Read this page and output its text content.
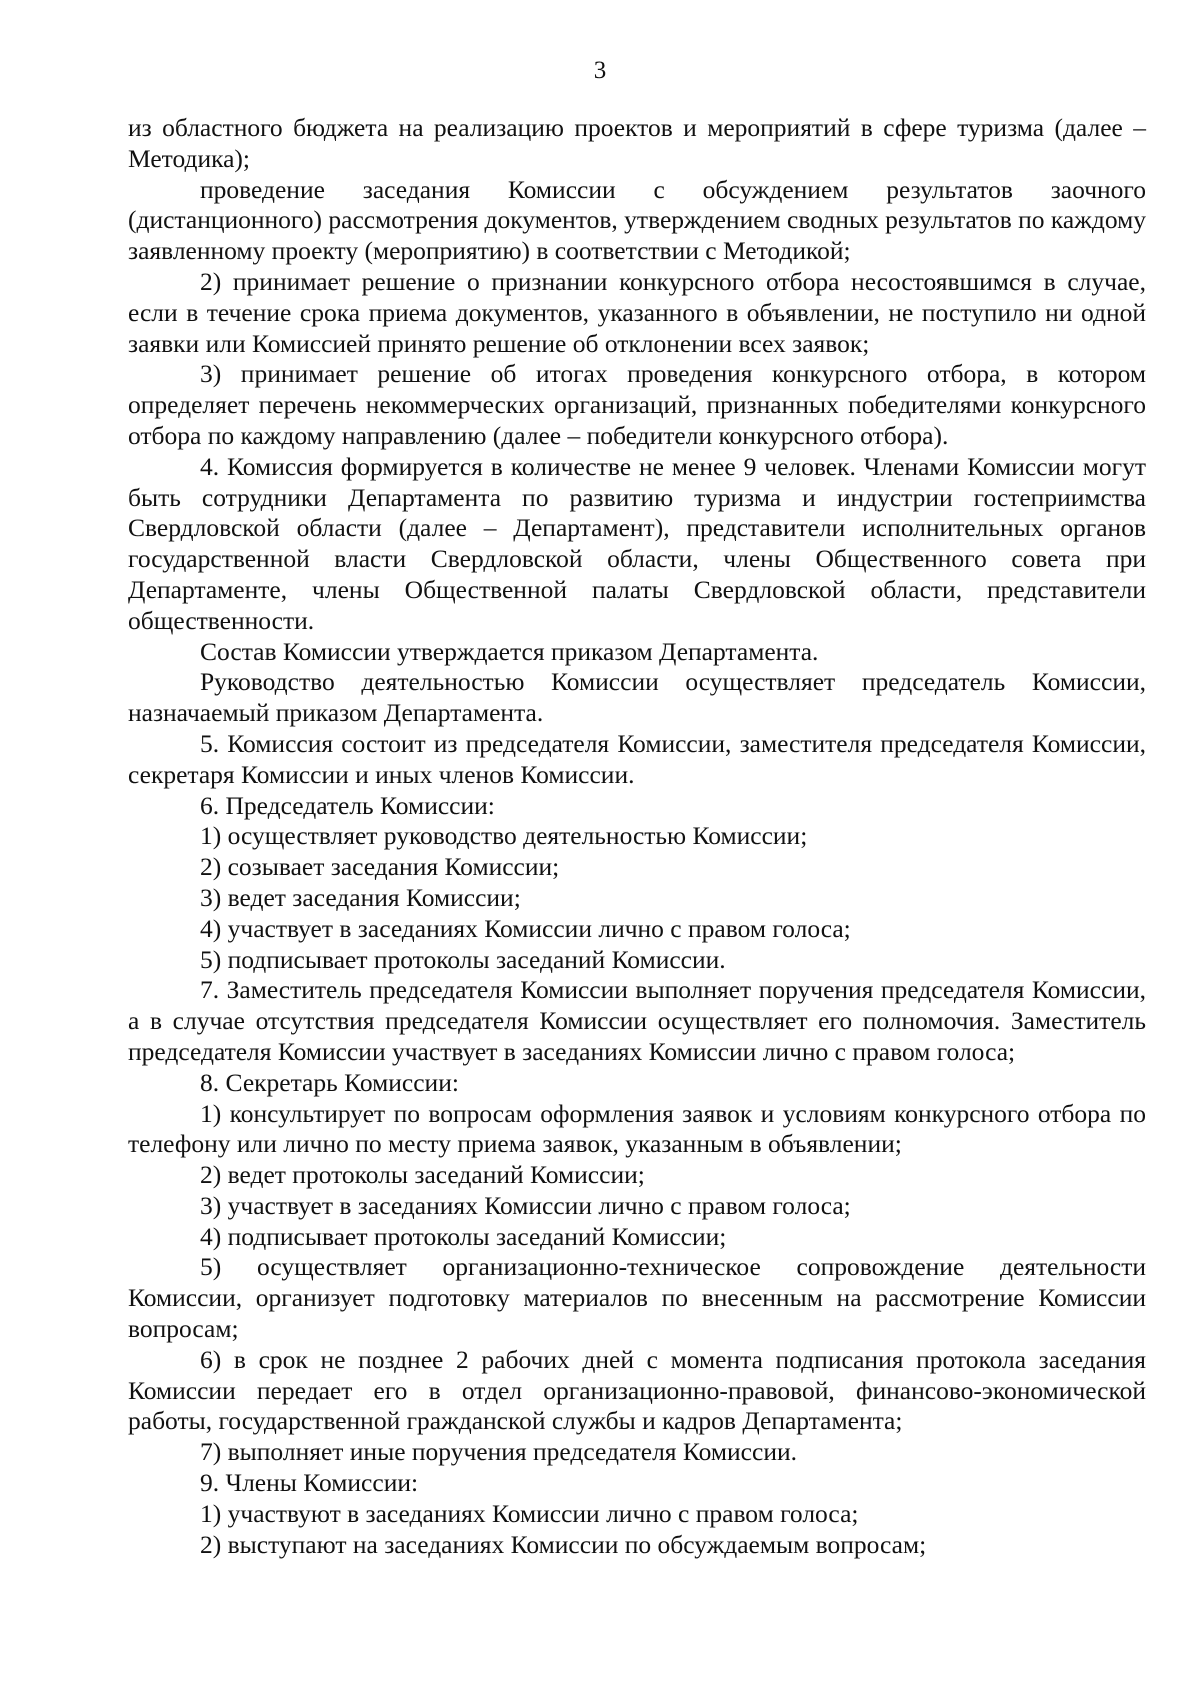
3

из областного бюджета на реализацию проектов и мероприятий в сфере туризма (далее – Методика);

проведение заседания Комиссии с обсуждением результатов заочного (дистанционного) рассмотрения документов, утверждением сводных результатов по каждому заявленному проекту (мероприятию) в соответствии с Методикой;

2) принимает решение о признании конкурсного отбора несостоявшимся в случае, если в течение срока приема документов, указанного в объявлении, не поступило ни одной заявки или Комиссией принято решение об отклонении всех заявок;

3) принимает решение об итогах проведения конкурсного отбора, в котором определяет перечень некоммерческих организаций, признанных победителями конкурсного отбора по каждому направлению (далее – победители конкурсного отбора).

4. Комиссия формируется в количестве не менее 9 человек. Членами Комиссии могут быть сотрудники Департамента по развитию туризма и индустрии гостеприимства Свердловской области (далее – Департамент), представители исполнительных органов государственной власти Свердловской области, члены Общественного совета при Департаменте, члены Общественной палаты Свердловской области, представители общественности.

Состав Комиссии утверждается приказом Департамента.

Руководство деятельностью Комиссии осуществляет председатель Комиссии, назначаемый приказом Департамента.

5. Комиссия состоит из председателя Комиссии, заместителя председателя Комиссии, секретаря Комиссии и иных членов Комиссии.

6. Председатель Комиссии:

1) осуществляет руководство деятельностью Комиссии;

2) созывает заседания Комиссии;

3) ведет заседания Комиссии;

4) участвует в заседаниях Комиссии лично с правом голоса;

5) подписывает протоколы заседаний Комиссии.

7. Заместитель председателя Комиссии выполняет поручения председателя Комиссии, а в случае отсутствия председателя Комиссии осуществляет его полномочия. Заместитель председателя Комиссии участвует в заседаниях Комиссии лично с правом голоса;

8. Секретарь Комиссии:

1) консультирует по вопросам оформления заявок и условиям конкурсного отбора по телефону или лично по месту приема заявок, указанным в объявлении;

2) ведет протоколы заседаний Комиссии;

3) участвует в заседаниях Комиссии лично с правом голоса;

4) подписывает протоколы заседаний Комиссии;

5) осуществляет организационно-техническое сопровождение деятельности Комиссии, организует подготовку материалов по внесенным на рассмотрение Комиссии вопросам;

6) в срок не позднее 2 рабочих дней с момента подписания протокола заседания Комиссии передает его в отдел организационно-правовой, финансово-экономической работы, государственной гражданской службы и кадров Департамента;

7) выполняет иные поручения председателя Комиссии.

9. Члены Комиссии:

1) участвуют в заседаниях Комиссии лично с правом голоса;

2) выступают на заседаниях Комиссии по обсуждаемым вопросам;
